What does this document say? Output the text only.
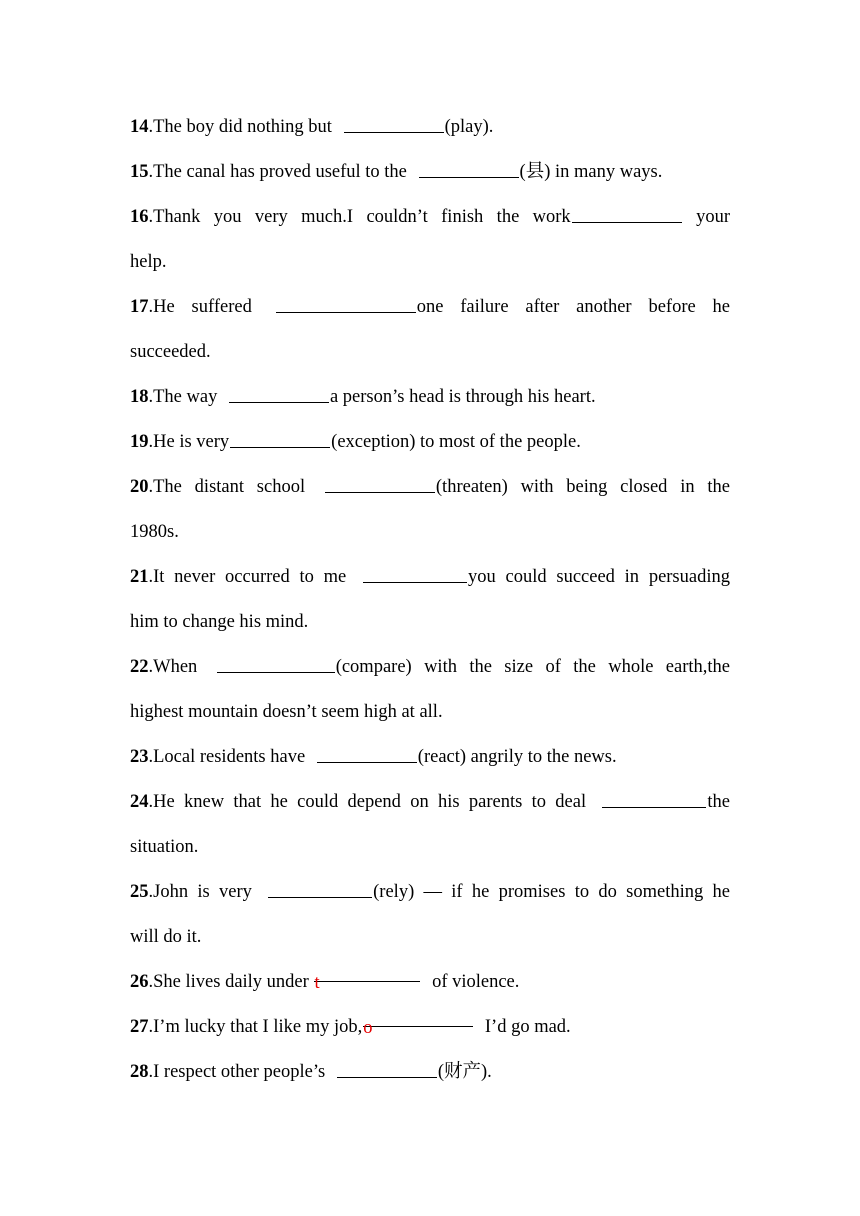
14.The boy did nothing but	(play).
15.The canal has proved useful to the	(县) in many ways.
16.Thank you very much.I couldn’t finish the work	your
help.
17.He suffered	one failure after another before he
succeeded.
18.The way	a person’s head is through his heart.
19.He is very	(exception) to most of the people.
20.The distant school	(threaten) with being closed in the
1980s.
21.It never occurred to me	you could succeed in persuading
him to change his mind.
22.When	(compare) with the size of the whole earth,the
highest mountain doesn’t seem high at all.
23.Local residents have	(react) angrily to the news.
24.He knew that he could depend on his parents to deal	the
situation.
25.John is very	(rely) — if he promises to do something he
will do it.
26.She lives daily under t	of violence.
27.I’m lucky that I like my job,o	I’d go mad.
28.I respect other people’s	(财产).
